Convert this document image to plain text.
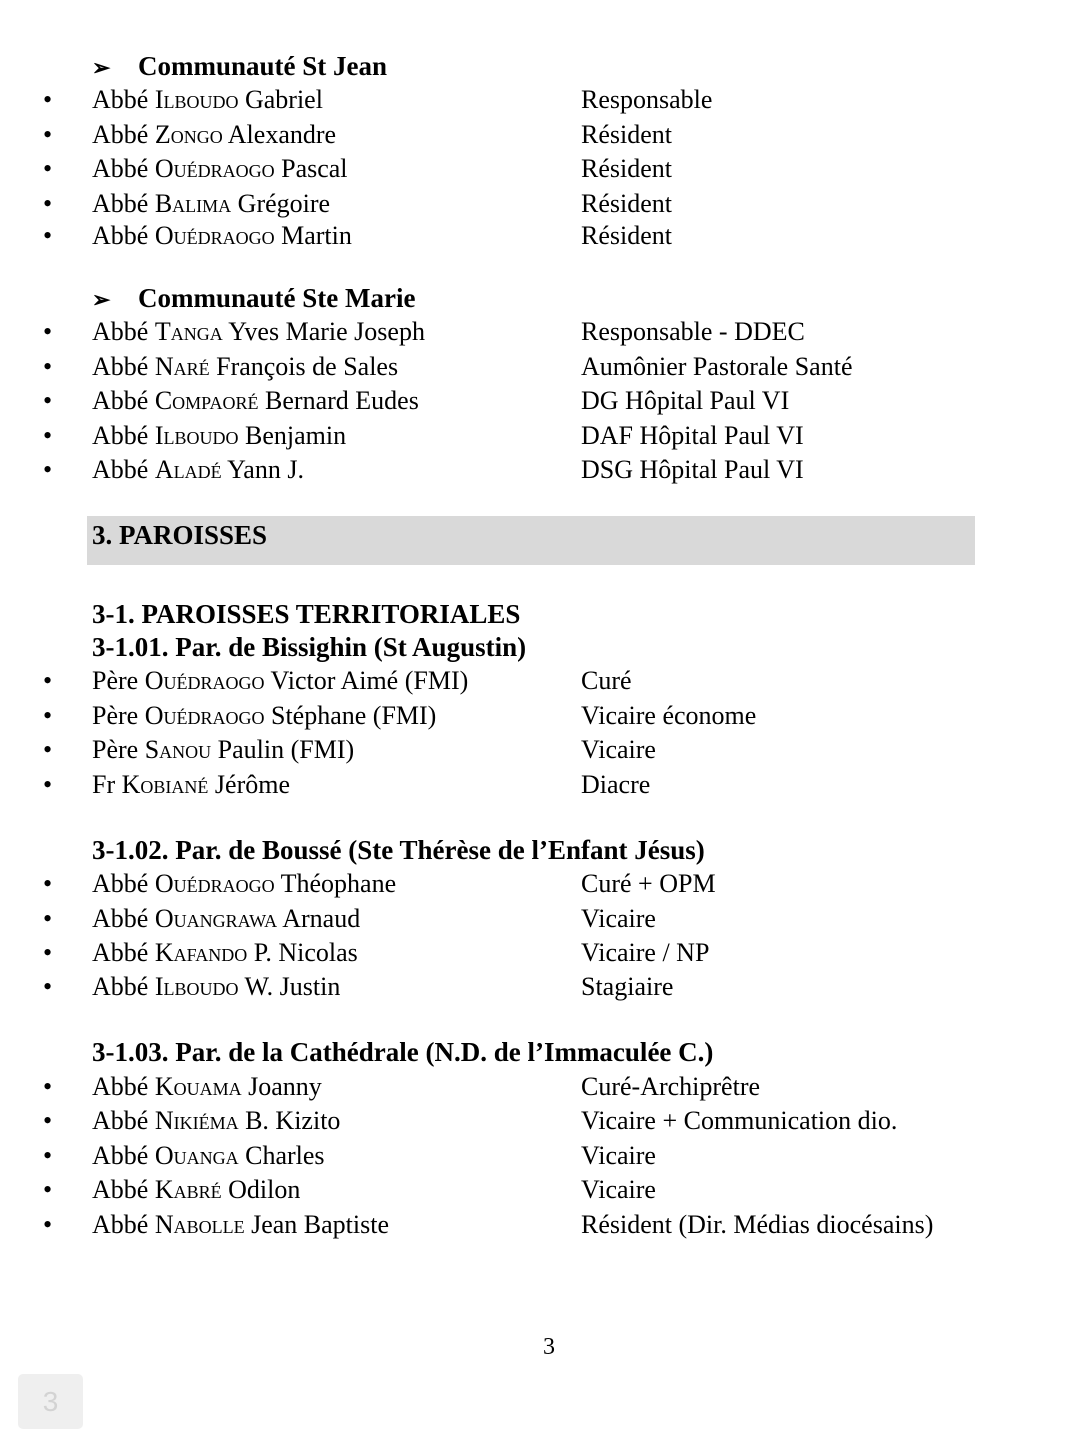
➢ Communauté St Jean
• Abbé Ilboudo Gabriel	Responsable
• Abbé Zongo Alexandre	Résident
• Abbé Ouédraogo Pascal	Résident
• Abbé Balima Grégoire	Résident
• Abbé Ouédraogo Martin	Résident
➢ Communauté Ste Marie
• Abbé Tanga Yves Marie Joseph	Responsable - DDEC
• Abbé Naré François de Sales	Aumônier Pastorale Santé
• Abbé Compaoré Bernard Eudes	DG Hôpital Paul VI
• Abbé Ilboudo Benjamin	DAF Hôpital Paul VI
• Abbé Aladé Yann J.	DSG Hôpital Paul VI
3. PAROISSES
3-1. PAROISSES TERRITORIALES
3-1.01. Par. de Bissighin (St Augustin)
• Père Ouédraogo Victor Aimé (FMI)	Curé
• Père Ouédraogo Stéphane (FMI)	Vicaire économe
• Père Sanou Paulin (FMI)	Vicaire
• Fr Kobiané Jérôme	Diacre
3-1.02. Par. de Boussé (Ste Thérèse de l’Enfant Jésus)
• Abbé Ouédraogo Théophane	Curé + OPM
• Abbé Ouangrawa Arnaud	Vicaire
• Abbé Kafando P. Nicolas	Vicaire / NP
• Abbé Ilboudo W. Justin	Stagiaire
3-1.03. Par. de la Cathédrale (N.D. de l’Immaculée C.)
• Abbé Kouama Joanny	Curé-Archiprêtre
• Abbé Nikiéma B. Kizito	Vicaire + Communication dio.
• Abbé Ouanga Charles	Vicaire
• Abbé Kabré Odilon	Vicaire
• Abbé Nabolle Jean Baptiste	Résident (Dir. Médias diocésains)
3
3
